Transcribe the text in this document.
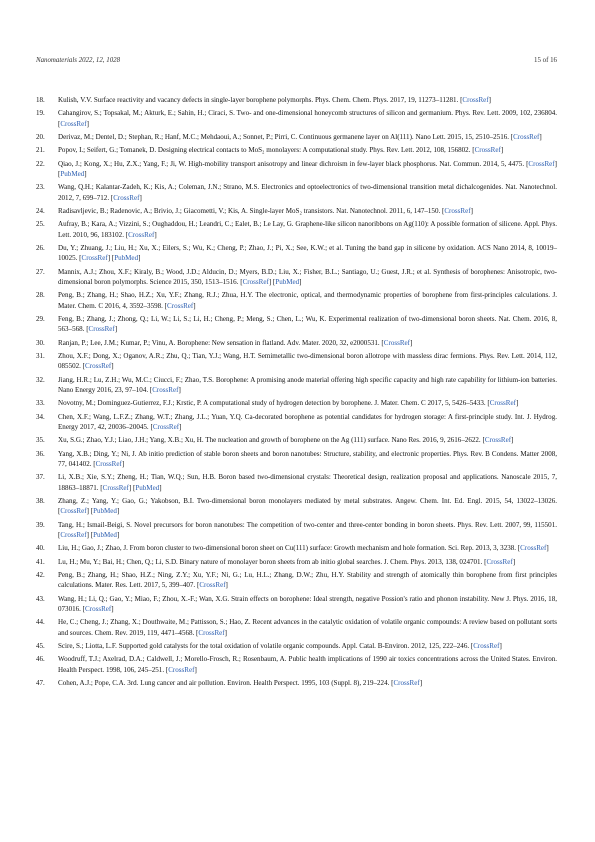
Nanomaterials 2022, 12, 1028	15 of 16
18.	Kulish, V.V. Surface reactivity and vacancy defects in single-layer borophene polymorphs. Phys. Chem. Chem. Phys. 2017, 19, 11273–11281. [CrossRef]
19.	Cahangirov, S.; Topsakal, M.; Akturk, E.; Sahin, H.; Ciraci, S. Two- and one-dimensional honeycomb structures of silicon and germanium. Phys. Rev. Lett. 2009, 102, 236804. [CrossRef]
20.	Derivaz, M.; Dentel, D.; Stephan, R.; Hanf, M.C.; Mehdaoui, A.; Sonnet, P.; Pirri, C. Continuous germanene layer on Al(111). Nano Lett. 2015, 15, 2510–2516. [CrossRef]
21.	Popov, I.; Seifert, G.; Tomanek, D. Designing electrical contacts to MoS₂ monolayers: A computational study. Phys. Rev. Lett. 2012, 108, 156802. [CrossRef]
22.	Qiao, J.; Kong, X.; Hu, Z.X.; Yang, F.; Ji, W. High-mobility transport anisotropy and linear dichroism in few-layer black phosphorus. Nat. Commun. 2014, 5, 4475. [CrossRef] [PubMed]
23.	Wang, Q.H.; Kalantar-Zadeh, K.; Kis, A.; Coleman, J.N.; Strano, M.S. Electronics and optoelectronics of two-dimensional transition metal dichalcogenides. Nat. Nanotechnol. 2012, 7, 699–712. [CrossRef]
24.	Radisavljevic, B.; Radenovic, A.; Brivio, J.; Giacometti, V.; Kis, A. Single-layer MoS₂ transistors. Nat. Nanotechnol. 2011, 6, 147–150. [CrossRef]
25.	Aufray, B.; Kara, A.; Vizzini, S.; Oughaddou, H.; Leandri, C.; Ealet, B.; Le Lay, G. Graphene-like silicon nanoribbons on Ag(110): A possible formation of silicene. Appl. Phys. Lett. 2010, 96, 183102. [CrossRef]
26.	Du, Y.; Zhuang, J.; Liu, H.; Xu, X.; Eilers, S.; Wu, K.; Cheng, P.; Zhao, J.; Pi, X.; See, K.W.; et al. Tuning the band gap in silicene by oxidation. ACS Nano 2014, 8, 10019–10025. [CrossRef] [PubMed]
27.	Mannix, A.J.; Zhou, X.F.; Kiraly, B.; Wood, J.D.; Alducin, D.; Myers, B.D.; Liu, X.; Fisher, B.L.; Santiago, U.; Guest, J.R.; et al. Synthesis of borophenes: Anisotropic, two-dimensional boron polymorphs. Science 2015, 350, 1513–1516. [CrossRef] [PubMed]
28.	Peng, B.; Zhang, H.; Shao, H.Z.; Xu, Y.F.; Zhang, R.J.; Zhua, H.Y. The electronic, optical, and thermodynamic properties of borophene from first-principles calculations. J. Mater. Chem. C 2016, 4, 3592–3598. [CrossRef]
29.	Feng, B.; Zhang, J.; Zhong, Q.; Li, W.; Li, S.; Li, H.; Cheng, P.; Meng, S.; Chen, L.; Wu, K. Experimental realization of two-dimensional boron sheets. Nat. Chem. 2016, 8, 563–568. [CrossRef]
30.	Ranjan, P.; Lee, J.M.; Kumar, P.; Vinu, A. Borophene: New sensation in flatland. Adv. Mater. 2020, 32, e2000531. [CrossRef]
31.	Zhou, X.F.; Dong, X.; Oganov, A.R.; Zhu, Q.; Tian, Y.J.; Wang, H.T. Semimetallic two-dimensional boron allotrope with massless dirac fermions. Phys. Rev. Lett. 2014, 112, 085502. [CrossRef]
32.	Jiang, H.R.; Lu, Z.H.; Wu, M.C.; Ciucci, F.; Zhao, T.S. Borophene: A promising anode material offering high specific capacity and high rate capability for lithium-ion batteries. Nano Energy 2016, 23, 97–104. [CrossRef]
33.	Novotny, M.; Dominguez-Gutierrez, F.J.; Krstic, P. A computational study of hydrogen detection by borophene. J. Mater. Chem. C 2017, 5, 5426–5433. [CrossRef]
34.	Chen, X.F.; Wang, L.F.Z.; Zhang, W.T.; Zhang, J.L.; Yuan, Y.Q. Ca-decorated borophene as potential candidates for hydrogen storage: A first-principle study. Int. J. Hydrog. Energy 2017, 42, 20036–20045. [CrossRef]
35.	Xu, S.G.; Zhao, Y.J.; Liao, J.H.; Yang, X.B.; Xu, H. The nucleation and growth of borophene on the Ag (111) surface. Nano Res. 2016, 9, 2616–2622. [CrossRef]
36.	Yang, X.B.; Ding, Y.; Ni, J. Ab initio prediction of stable boron sheets and boron nanotubes: Structure, stability, and electronic properties. Phys. Rev. B Condens. Matter 2008, 77, 041402. [CrossRef]
37.	Li, X.B.; Xie, S.Y.; Zheng, H.; Tian, W.Q.; Sun, H.B. Boron based two-dimensional crystals: Theoretical design, realization proposal and applications. Nanoscale 2015, 7, 18863–18871. [CrossRef] [PubMed]
38.	Zhang, Z.; Yang, Y.; Gao, G.; Yakobson, B.I. Two-dimensional boron monolayers mediated by metal substrates. Angew. Chem. Int. Ed. Engl. 2015, 54, 13022–13026. [CrossRef] [PubMed]
39.	Tang, H.; Ismail-Beigi, S. Novel precursors for boron nanotubes: The competition of two-center and three-center bonding in boron sheets. Phys. Rev. Lett. 2007, 99, 115501. [CrossRef] [PubMed]
40.	Liu, H.; Gao, J.; Zhao, J. From boron cluster to two-dimensional boron sheet on Cu(111) surface: Growth mechanism and hole formation. Sci. Rep. 2013, 3, 3238. [CrossRef]
41.	Lu, H.; Mu, Y.; Bai, H.; Chen, Q.; Li, S.D. Binary nature of monolayer boron sheets from ab initio global searches. J. Chem. Phys. 2013, 138, 024701. [CrossRef]
42.	Peng, B.; Zhang, H.; Shao, H.Z.; Ning, Z.Y.; Xu, Y.F.; Ni, G.; Lu, H.L.; Zhang, D.W.; Zhu, H.Y. Stability and strength of atomically thin borophene from first principles calculations. Mater. Res. Lett. 2017, 5, 399–407. [CrossRef]
43.	Wang, H.; Li, Q.; Gao, Y.; Miao, F.; Zhou, X.-F.; Wan, X.G. Strain effects on borophene: Ideal strength, negative Possion's ratio and phonon instability. New J. Phys. 2016, 18, 073016. [CrossRef]
44.	He, C.; Cheng, J.; Zhang, X.; Douthwaite, M.; Pattisson, S.; Hao, Z. Recent advances in the catalytic oxidation of volatile organic compounds: A review based on pollutant sorts and sources. Chem. Rev. 2019, 119, 4471–4568. [CrossRef]
45.	Scire, S.; Liotta, L.F. Supported gold catalysts for the total oxidation of volatile organic compounds. Appl. Catal. B-Environ. 2012, 125, 222–246. [CrossRef]
46.	Woodruff, T.J.; Axelrad, D.A.; Caldwell, J.; Morello-Frosch, R.; Rosenbaum, A. Public health implications of 1990 air toxics concentrations across the United States. Environ. Health Perspect. 1998, 106, 245–251. [CrossRef]
47.	Cohen, A.J.; Pope, C.A. 3rd. Lung cancer and air pollution. Environ. Health Perspect. 1995, 103 (Suppl. 8), 219–224. [CrossRef]
